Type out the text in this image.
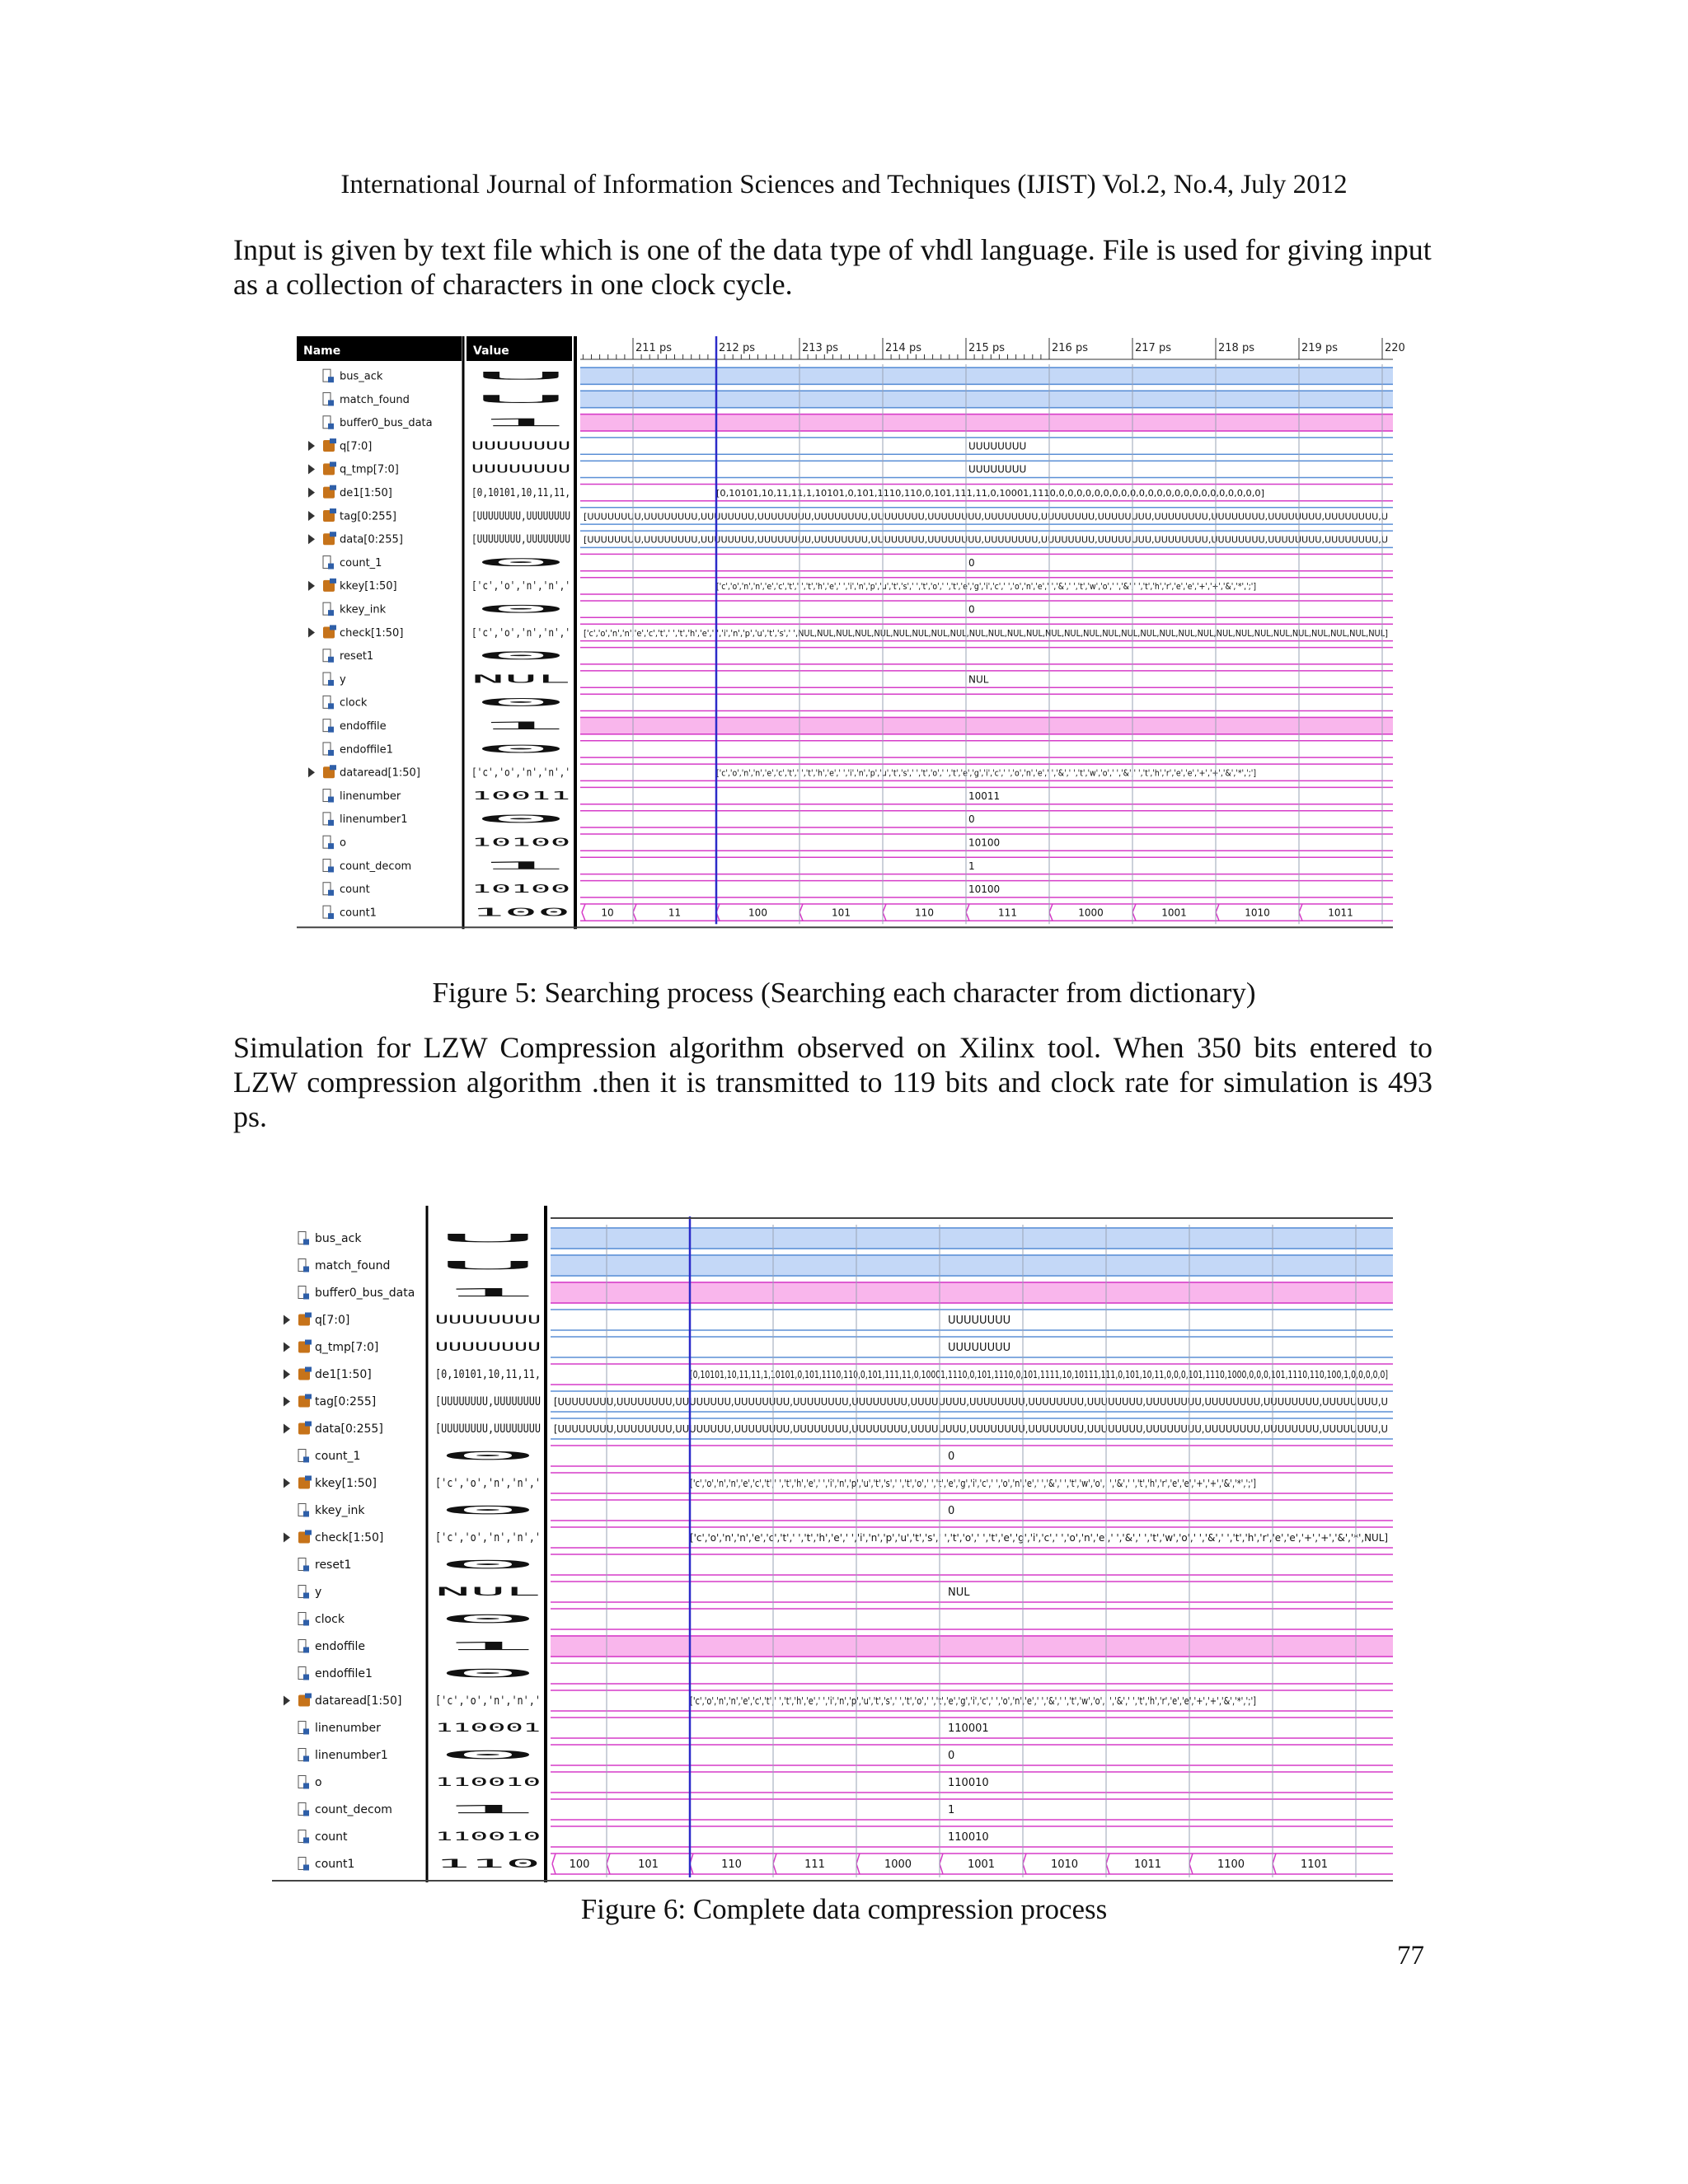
International Journal of Information Sciences and Techniques (IJIST) Vol.2, No.4, July 2012
Input is given by text file which is one of the data type of vhdl language. File is used for giving input as a collection of characters in one clock cycle.
Name	Value	211 ps	212 ps	213 ps	214 ps	215 ps	216 ps	217 ps	218 ps	219 ps	220
bus_ack	U
match_found	U
buffer0_bus_data	1
q[7:0]	UUUUUUUU	UUUUUUUU
q_tmp[7:0]	UUUUUUUU	UUUUUUUU
de1[1:50]	[0,10101,10,11,11,	[0,10101,10,11,11,1,10101,0,101,1110,110,0,101,111,11,0,10001,1110,0,0,0,0,0,0,0,0,0,0,0,0,0,0,0,0,0,0,0,0,0,0,0]
tag[0:255]	[UUUUUUUU,UUUUUUUU [UUUUUUUU,UUUUUUUU,UUUUUUUU,UUUUUUUU,UUUUUUUU,UUUUUUUU,UUUUUUUU,UUUUUUUU,UUUUUUUU,UUUUUUUU,UUUUUUUU,UUUUUUUU,UUUUUUUU,UUUUUUUU,U
data[0:255]	[UUUUUUUU,UUUUUUUU [UUUUUUUU,UUUUUUUU,UUUUUUUU,UUUUUUUU,UUUUUUUU,UUUUUUUU,UUUUUUUU,UUUUUUUU,UUUUUUUU,UUUUUUUU,UUUUUUUU,UUUUUUUU,UUUUUUUU,UUUUUUUU,U
count_1	0	0
kkey[1:50]	['c','o','n','n','	['c','o','n','n','e','c','t',' ','t','h','e',' ','i','n','p','u','t','s',' ','t','o',' ','t','e','g','i','c',' ','o','n','e',' ','&',' ','t','w','o',' ','&',' ','t','h','r','e','e','+','+','&','*',';']
kkey_ink	0	0
check[1:50]	['c','o','n','n',' ['c','o','n','n','e','c','t',' ','t','h','e',' ','i','n','p','u','t','s',' ',NUL,NUL,NUL,NUL,NUL,NUL,NUL,NUL,NUL,NUL,NUL,NUL,NUL,NUL,NUL,NUL,NUL,NUL,NUL,NUL,NUL,NUL,NUL,NUL,NUL,NUL,NUL,NUL,NUL,NUL,NUL]
reset1	0
y	NUL	NUL
clock	0
endoffile	1
endoffile1	0
dataread[1:50]	['c','o','n','n','	['c','o','n','n','e','c','t',' ','t','h','e',' ','i','n','p','u','t','s',' ','t','o',' ','t','e','g','i','c',' ','o','n','e',' ','&',' ','t','w','o',' ','&',' ','t','h','r','e','e','+','+','&','*',';']
linenumber	10011	10011
linenumber1	0	0
o	10100	10100
count_decom	1	1
count	10100	10100
count1	100	10	11	100	101	110	111	1000	1001	1010	1011
Figure 5: Searching process (Searching each character from dictionary)
Simulation for LZW Compression algorithm observed on Xilinx tool. When 350 bits entered to LZW compression algorithm .then it is transmitted to 119 bits and clock rate for simulation is 493 ps.
bus_ack	U
match_found	U
buffer0_bus_data 1
q[7:0]	UUUUUUUU	UUUUUUUU
q_tmp[7:0]	UUUUUUUU	UUUUUUUU
de1[1:50]	[0,10101,10,11,11,	[0,10101,10,11,11,1,10101,0,101,1110,110,0,101,111,11,0,10001,1110,0,101,1110,0,101,1111,10,10111,111,0,101,10,11,0,0,0,101,1110,1000,0,0,0,101,1110,110,100,1,0,0,0,0,0]
tag[0:255]	[UUUUUUUU,UUUUUUUU [UUUUUUUU,UUUUUUUU,UUUUUUUU,UUUUUUUU,UUUUUUUU,UUUUUUUU,UUUUUUUU,UUUUUUUU,UUUUUUUU,UUUUUUUU,UUUUUUUU,UUUUUUUU,UUUUUUUU,UUUUUUUU,U
data[0:255]	[UUUUUUUU,UUUUUUUU [UUUUUUUU,UUUUUUUU,UUUUUUUU,UUUUUUUU,UUUUUUUU,UUUUUUUU,UUUUUUUU,UUUUUUUU,UUUUUUUU,UUUUUUUU,UUUUUUUU,UUUUUUUU,UUUUUUUU,UUUUUUUU,U
count_1	0	0
kkey[1:50]	['c','o','n','n','	['c','o','n','n','e','c','t',' ','t','h','e',' ','i','n','p','u','t','s',' ','t','o',' ','t','e','g','i','c',' ','o','n','e',' ','&',' ','t','w','o',' ','&',' ','t','h','r','e','e','+','+','&','*',';']
kkey_ink	0	0
check[1:50]	['c','o','n','n','	['c','o','n','n','e','c','t',' ','t','h','e',' ','i','n','p','u','t','s',' ','t','o',' ','t','e','g','i','c',' ','o','n','e',' ','&',' ','t','w','o',' ','&',' ','t','h','r','e','e','+','+','&','*',NUL]
reset1	0
y	NUL	NUL
clock	0
endoffile	1
endoffile1	0
dataread[1:50]	['c','o','n','n','	['c','o','n','n','e','c','t',' ','t','h','e',' ','i','n','p','u','t','s',' ','t','o',' ','t','e','g','i','c',' ','o','n','e',' ','&',' ','t','w','o',' ','&',' ','t','h','r','e','e','+','+','&','*',';']
linenumber	110001	110001
linenumber1	0	0
o	110010	110010
count_decom	1	1
count	110010	110010
count1	110	100	101	110	111	1000	1001	1010	1011	1100	1101
Figure 6: Complete data compression process
77
